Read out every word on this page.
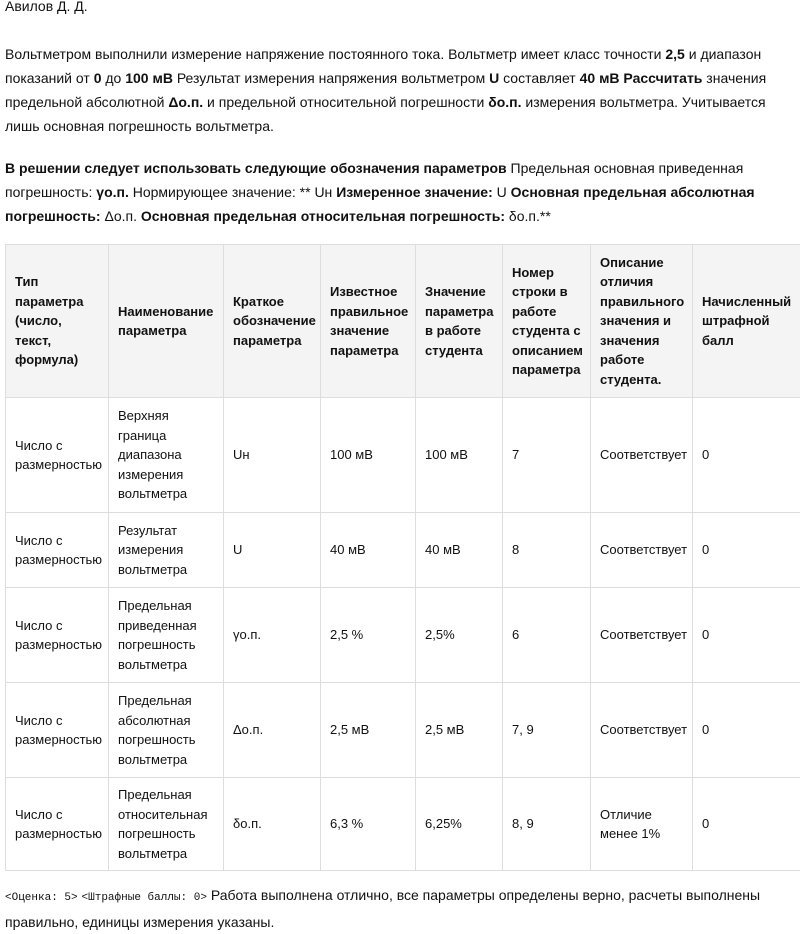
Авилов Д. Д.

Вольтметром выполнили измерение напряжение постоянного тока. Вольтметр имеет класс точности 2,5 и диапазон показаний от 0 до 100 мВ Результат измерения напряжения вольтметром U составляет 40 мВ Рассчитать значения предельной абсолютной Δо.п. и предельной относительной погрешности δо.п. измерения вольтметра. Учитывается лишь основная погрешность вольтметра.

В решении следует использовать следующие обозначения параметров Предельная основная приведенная погрешность: γо.п. Нормирующее значение: ** Uн Измеренное значение: U Основная предельная абсолютная погрешность: Δо.п. Основная предельная относительная погрешность: δо.п.**

Тип параметра (число, текст, формула)	Наименование параметра	Краткое обозначение параметра	Известное правильное значение параметра	Значение параметра в работе студента	Номер строки в работе студента с описанием параметра	Описание отличия правильного значения и значения работе студента.	Начисленный штрафной балл
Число с размерностью	Верхняя граница диапазона измерения вольтметра	Uн	100 мВ	100 мВ	7	Соответствует	0
Число с размерностью	Результат измерения вольтметра	U	40 мВ	40 мВ	8	Соответствует	0
Число с размерностью	Предельная приведенная погрешность вольтметра	γо.п.	2,5 %	2,5%	6	Соответствует	0
Число с размерностью	Предельная абсолютная погрешность вольтметра	Δо.п.	2,5 мВ	2,5 мВ	7, 9	Соответствует	0
Число с размерностью	Предельная относительная погрешность вольтметра	δо.п.	6,3 %	6,25%	8, 9	Отличие менее 1%	0

<Оценка: 5> <Штрафные баллы: 0> Работа выполнена отлично, все параметры определены верно, расчеты выполнены правильно, единицы измерения указаны.
